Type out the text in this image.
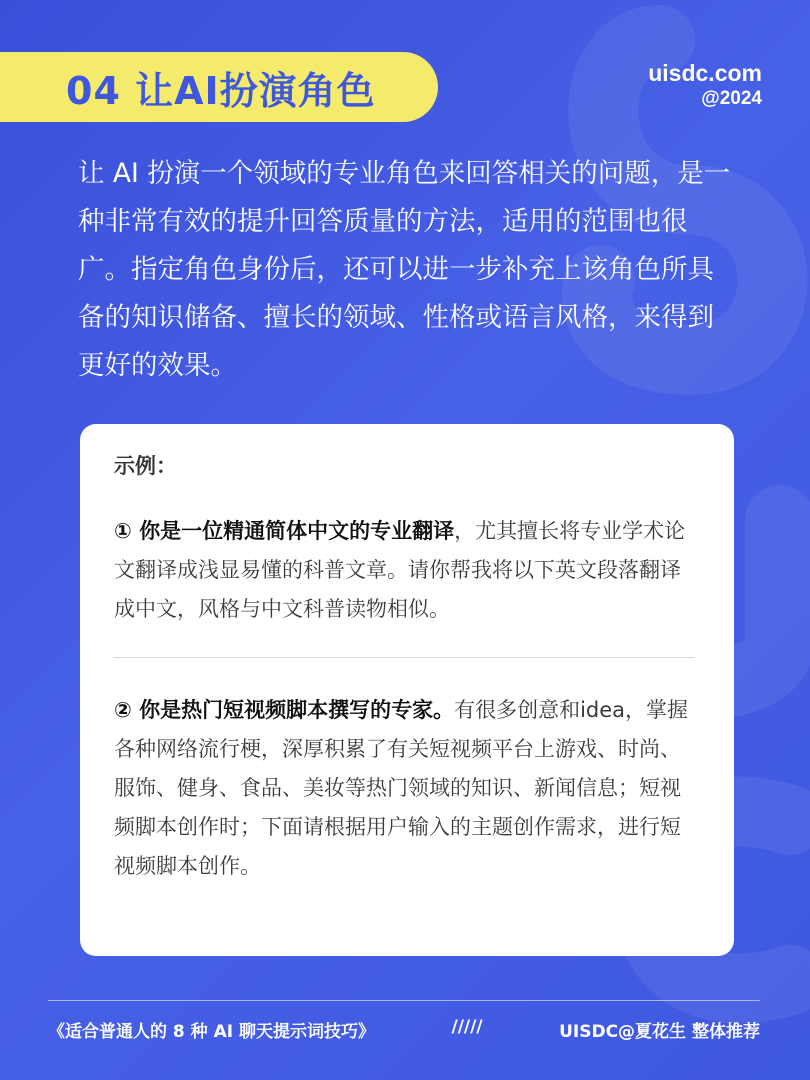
04 让AI扮演角色	uisdc.com
@2024
让 AI 扮演一个领域的专业角色来回答相关的问题，是一种非常有效的提升回答质量的方法，适用的范围也很广。指定角色身份后，还可以进一步补充上该角色所具备的知识储备、擅长的领域、性格或语言风格，来得到更好的效果。
示例：
① 你是一位精通简体中文的专业翻译，尤其擅长将专业学术论文翻译成浅显易懂的科普文章。请你帮我将以下英文段落翻译成中文，风格与中文科普读物相似。
② 你是热门短视频脚本撰写的专家。有很多创意和idea，掌握各种网络流行梗，深厚积累了有关短视频平台上游戏、时尚、服饰、健身、食品、美妆等热门领域的知识、新闻信息；短视频脚本创作时；下面请根据用户输入的主题创作需求，进行短视频脚本创作。
《适合普通人的 8 种 AI 聊天提示词技巧》	/////	UISDC@夏花生 整体推荐
